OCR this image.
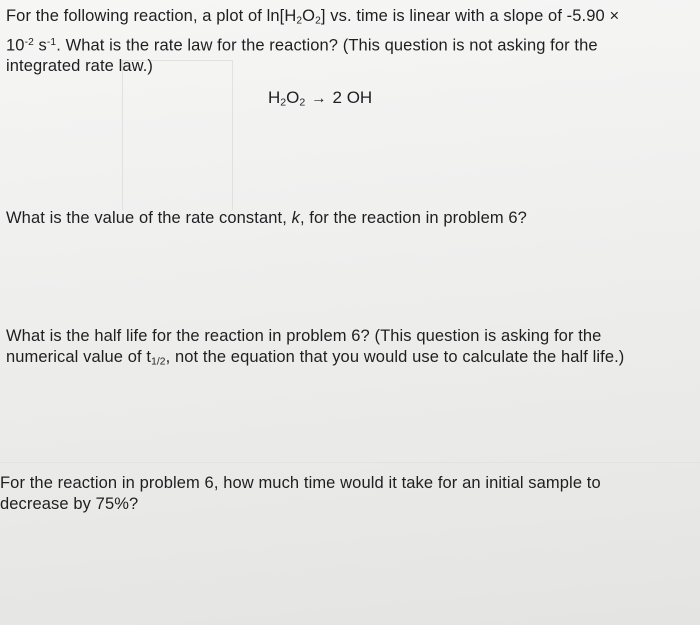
For the following reaction, a plot of $\ln[H_2O_2]$ vs. time is linear with a slope of -5.90 ×
$10^{-2}$ $s^{-1}$. What is the rate law for the reaction? (This question is not asking for the
integrated rate law.)
$H_2O_2 \to 2$ OH
What is the value of the rate constant, k, for the reaction in problem 6?
What is the half life for the reaction in problem 6? (This question is asking for the
numerical value of $t_{1/2}$, not the equation that you would use to calculate the half life.)
For the reaction in problem 6, how much time would it take for an initial sample to
decrease by 75%?
